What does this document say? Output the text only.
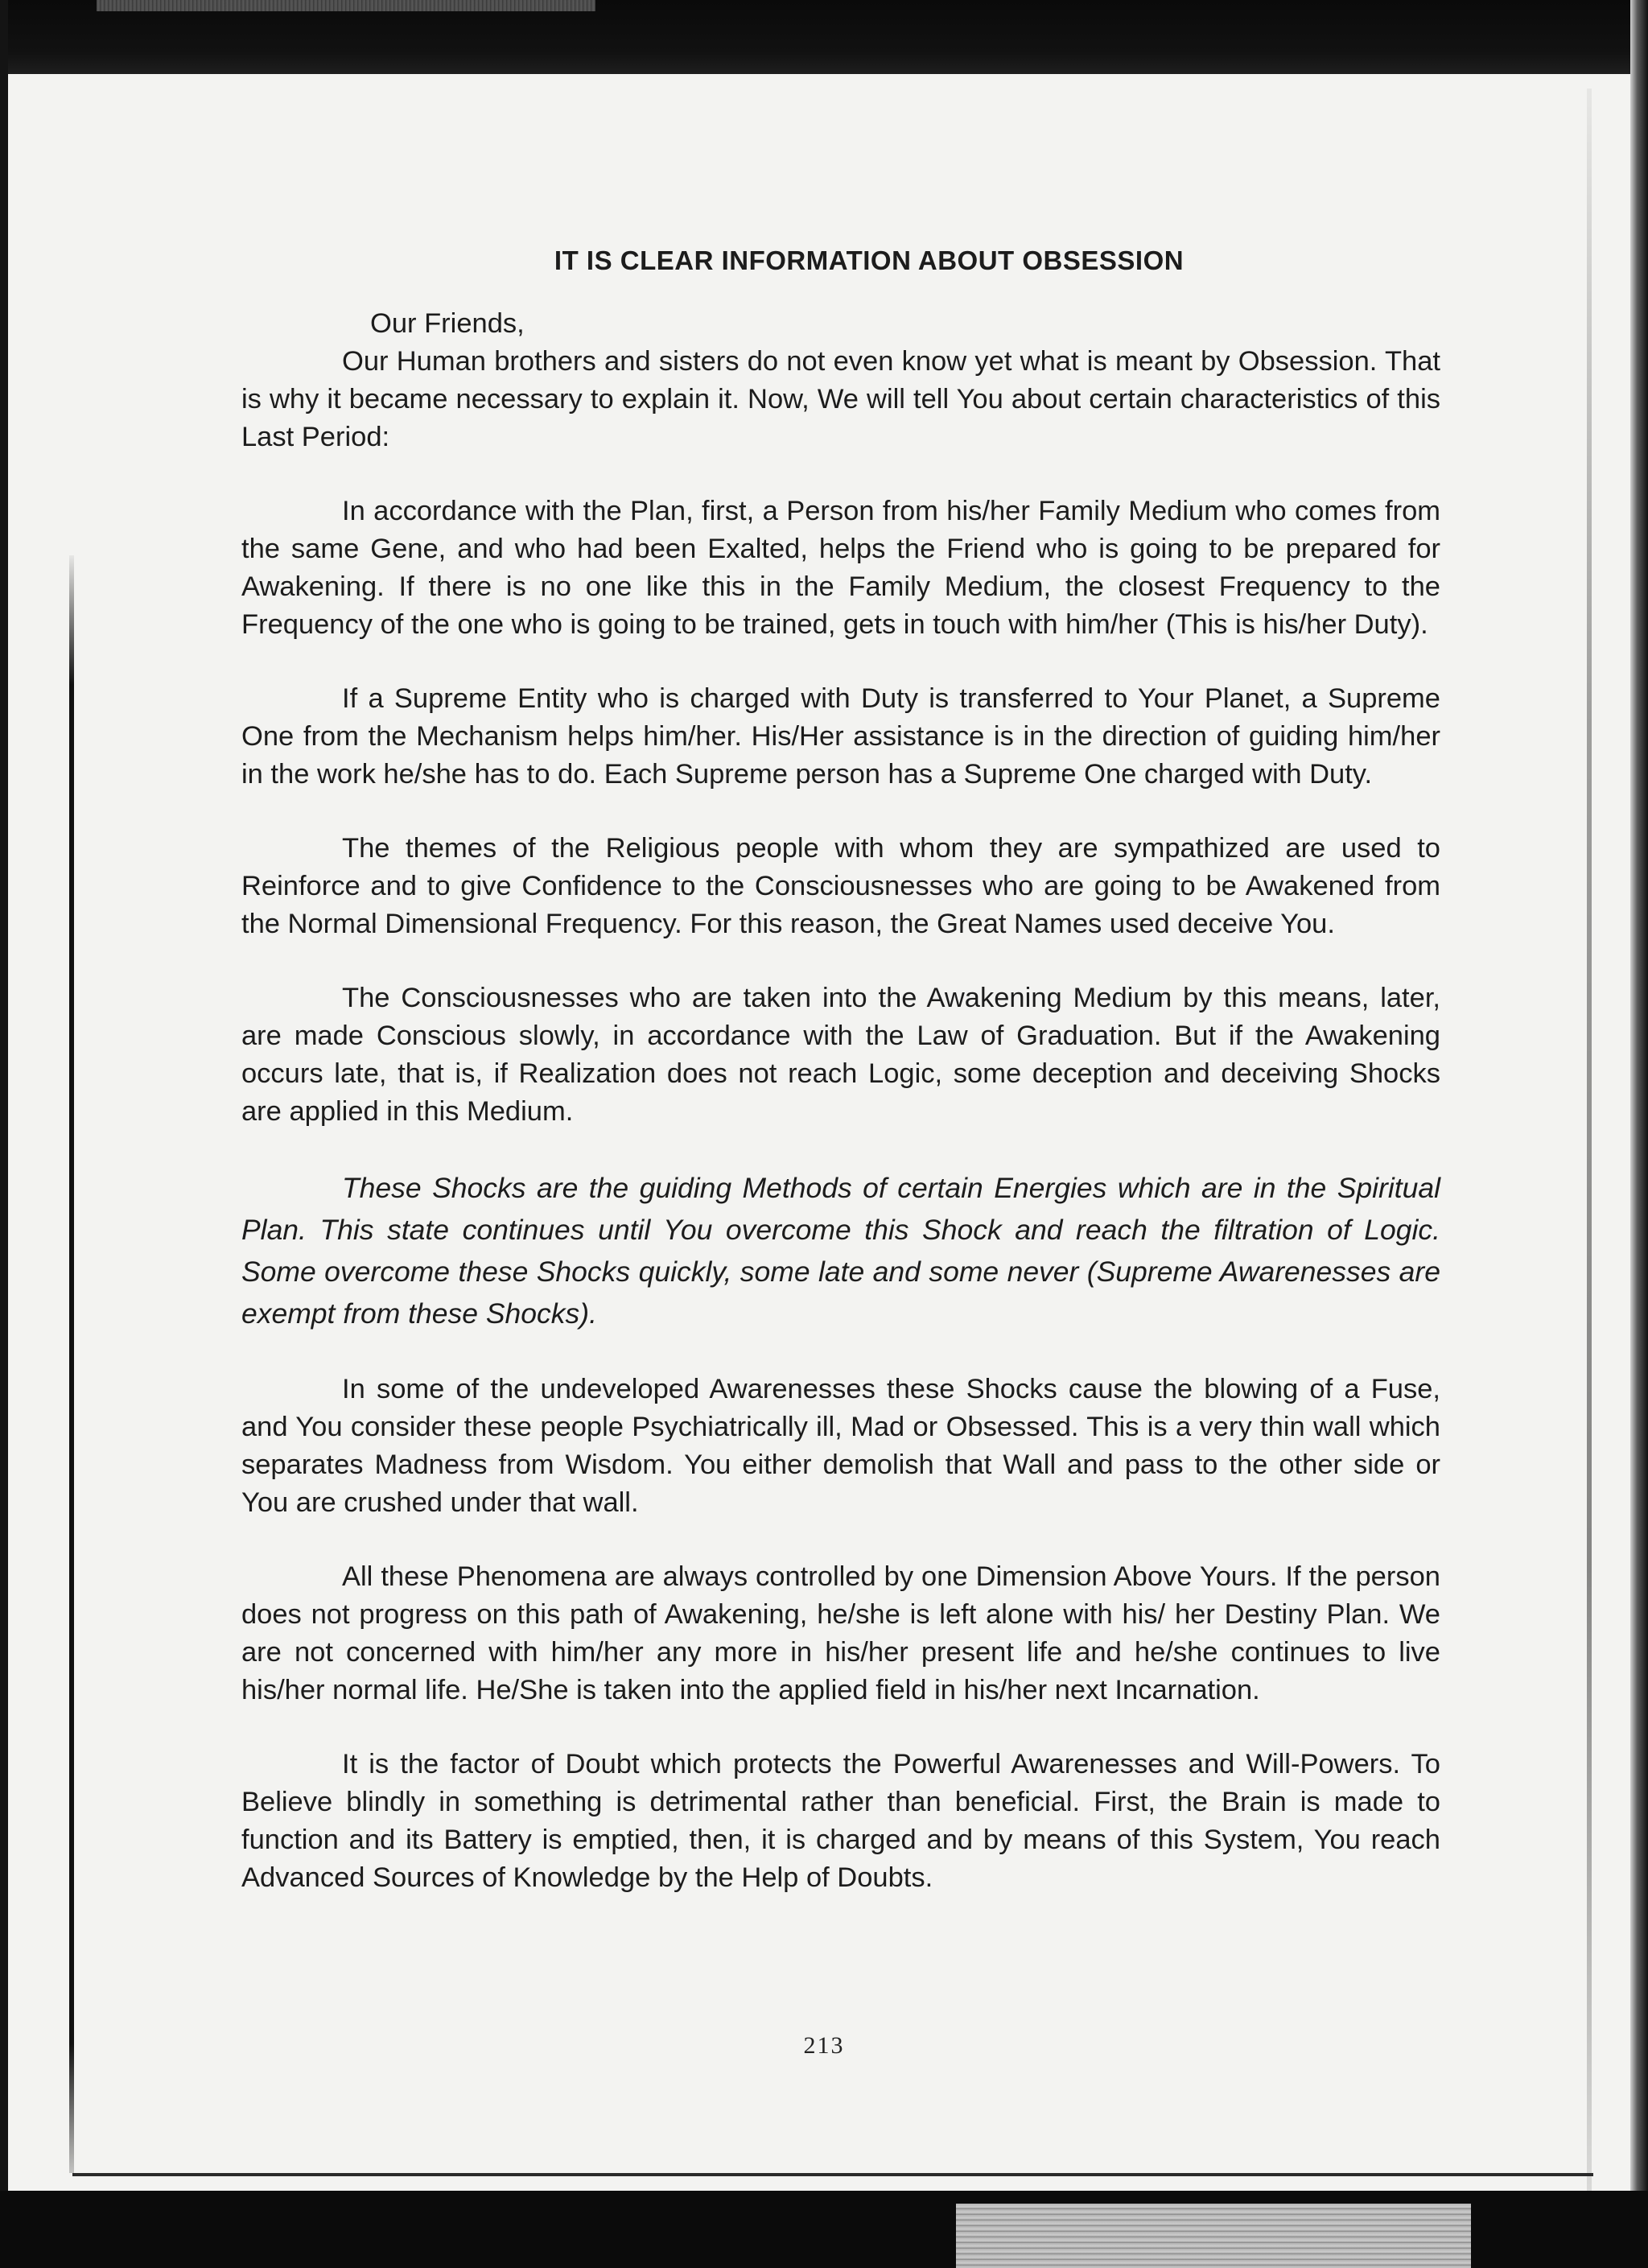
IT IS CLEAR INFORMATION ABOUT OBSESSION
Our Friends,

Our Human brothers and sisters do not even know yet what is meant by Obsession. That is why it became necessary to explain it. Now, We will tell You about certain characteristics of this Last Period:

In accordance with the Plan, first, a Person from his/her Family Medium who comes from the same Gene, and who had been Exalted, helps the Friend who is going to be prepared for Awakening. If there is no one like this in the Family Medium, the closest Frequency to the Frequency of the one who is going to be trained, gets in touch with him/her (This is his/her Duty).

If a Supreme Entity who is charged with Duty is transferred to Your Planet, a Supreme One from the Mechanism helps him/her. His/Her assistance is in the direction of guiding him/her in the work he/she has to do. Each Supreme person has a Supreme One charged with Duty.

The themes of the Religious people with whom they are sympathized are used to Reinforce and to give Confidence to the Consciousnesses who are going to be Awakened from the Normal Dimensional Frequency. For this reason, the Great Names used deceive You.

The Consciousnesses who are taken into the Awakening Medium by this means, later, are made Conscious slowly, in accordance with the Law of Graduation. But if the Awakening occurs late, that is, if Realization does not reach Logic, some deception and deceiving Shocks are applied in this Medium.

These Shocks are the guiding Methods of certain Energies which are in the Spiritual Plan. This state continues until You overcome this Shock and reach the filtration of Logic. Some overcome these Shocks quickly, some late and some never (Supreme Awarenesses are exempt from these Shocks).

In some of the undeveloped Awarenesses these Shocks cause the blowing of a Fuse, and You consider these people Psychiatrically ill, Mad or Obsessed. This is a very thin wall which separates Madness from Wisdom. You either demolish that Wall and pass to the other side or You are crushed under that wall.

All these Phenomena are always controlled by one Dimension Above Yours. If the person does not progress on this path of Awakening, he/she is left alone with his/ her Destiny Plan. We are not concerned with him/her any more in his/her present life and he/she continues to live his/her normal life. He/She is taken into the applied field in his/her next Incarnation.

It is the factor of Doubt which protects the Powerful Awarenesses and Will-Powers. To Believe blindly in something is detrimental rather than beneficial. First, the Brain is made to function and its Battery is emptied, then, it is charged and by means of this System, You reach Advanced Sources of Knowledge by the Help of Doubts.

213
